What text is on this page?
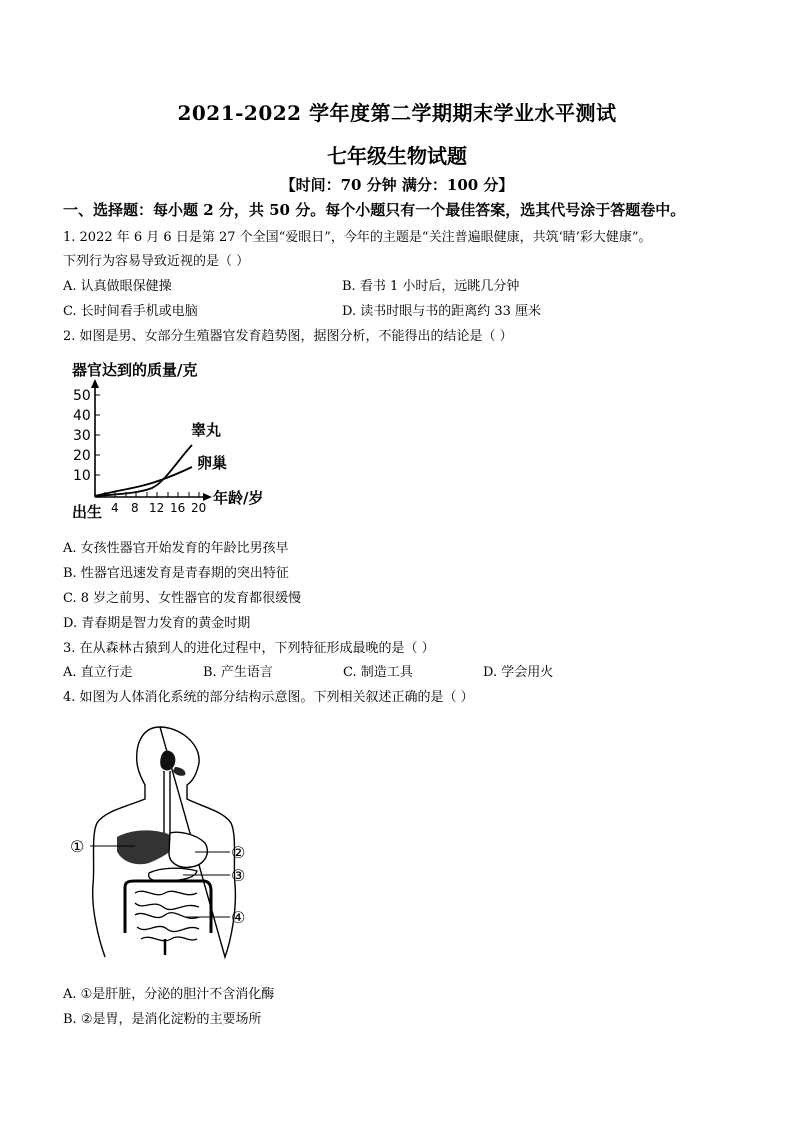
2021-2022 学年度第二学期期末学业水平测试
七年级生物试题
【时间：70 分钟 满分：100 分】
一、选择题：每小题 2 分，共 50 分。每个小题只有一个最佳答案，选其代号涂于答题卷中。
1. 2022 年 6 月 6 日是第 27 个全国“爱眼日”，今年的主题是“关注普遍眼健康，共筑‘睛’彩大健康”。
下列行为容易导致近视的是（ ）
A. 认真做眼保健操	B. 看书 1 小时后，远眺几分钟
C. 长时间看手机或电脑	D. 读书时眼与书的距离约 33 厘米
2. 如图是男、女部分生殖器官发育趋势图，据图分析，不能得出的结论是（ ）
器官达到的质量/克
50
40
30
20
10
4 8 12 16 20
出生
年龄/岁
睾丸
卵巢
A. 女孩性器官开始发育的年龄比男孩早
B. 性器官迅速发育是青春期的突出特征
C. 8 岁之前男、女性器官的发育都很缓慢
D. 青春期是智力发育的黄金时期
3. 在从森林古猿到人的进化过程中，下列特征形成最晚的是（ ）
A. 直立行走	B. 产生语言	C. 制造工具	D. 学会用火
4. 如图为人体消化系统的部分结构示意图。下列相关叙述正确的是（ ）
①	②
③
④
A. ①是肝脏，分泌的胆汁不含消化酶
B. ②是胃，是消化淀粉的主要场所
